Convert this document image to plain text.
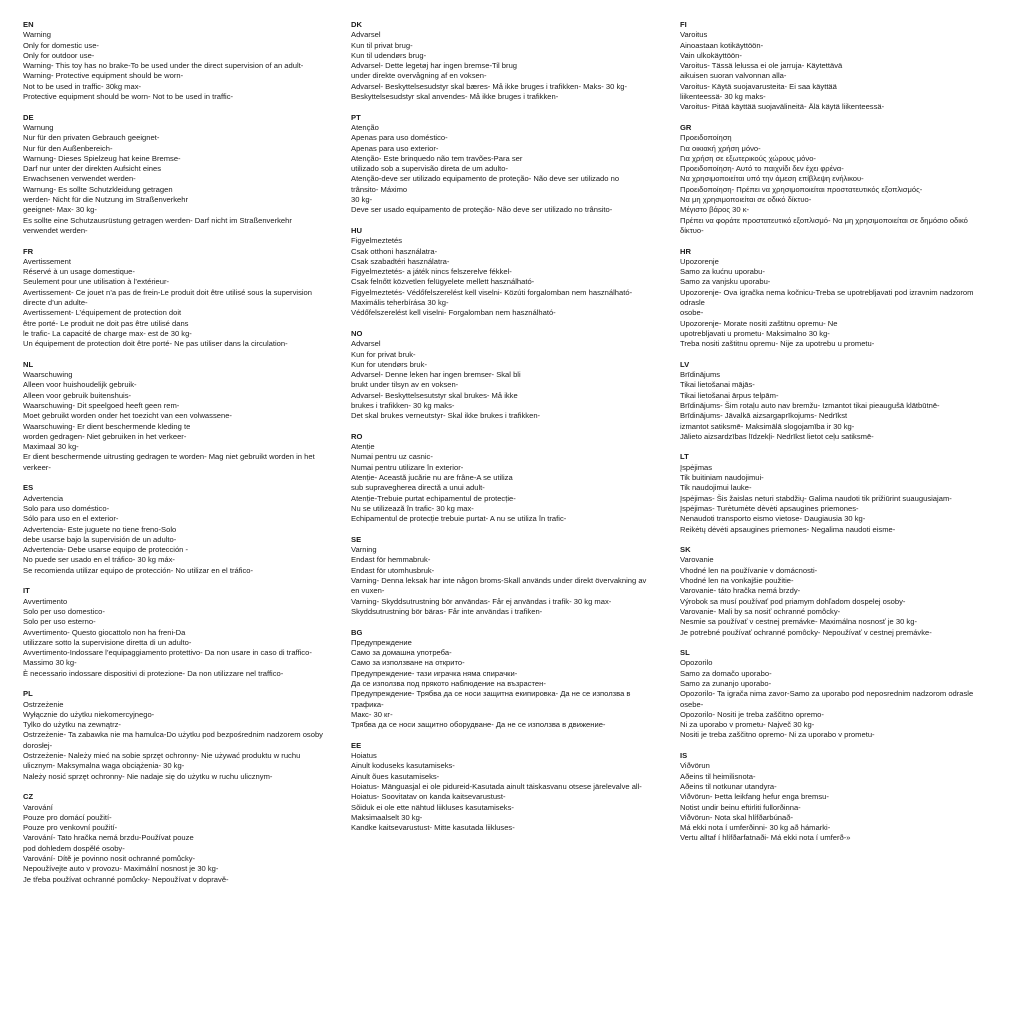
EN
Warning
Only for domestic use-
Only for outdoor use-
Warning- This toy has no brake-To be used under the direct supervision of an adult-
Warning- Protective equipment should be worn-
Not to be used in traffic- 30kg max-
Protective equipment should be worn- Not to be used in traffic-
DE
Warnung
Nur für den privaten Gebrauch geeignet-
Nur für den Außenbereich-
Warnung- Dieses Spielzeug hat keine Bremse-
Darf nur unter der direkten Aufsicht eines
Erwachsenen verwendet werden-
Warnung- Es sollte Schutzkleidung getragen
werden- Nicht für die Nutzung im Straßenverkehr
geeignet- Max- 30 kg-
Es sollte eine Schutzausrüstung getragen werden- Darf nicht im Straßenverkehr
verwendet werden-
FR
Avertissement
Réservé à un usage domestique-
Seulement pour une utilisation à l’extérieur-
Avertissement- Ce jouet n’a pas de frein-Le produit doit être utilisé sous la supervision
directe d’un adulte-
Avertissement- L’équipement de protection doit
être porté- Le produit ne doit pas être utilisé dans
le trafic- La capacité de charge max- est de 30 kg-
Un équipement de protection doit être porté- Ne pas utiliser dans la circulation-
NL
Waarschuwing
Alleen voor huishoudelijk gebruik-
Alleen voor gebruik buitenshuis-
Waarschuwing- Dit speelgoed heeft geen rem-
Moet gebruikt worden onder het toezicht van een volwassene-
Waarschuwing- Er dient beschermende kleding te
worden gedragen- Niet gebruiken in het verkeer-
Maximaal 30 kg-
Er dient beschermende uitrusting gedragen te worden- Mag niet gebruikt worden in het
verkeer-
ES
Advertencia
Solo para uso doméstico-
Sólo para uso en el exterior-
Advertencia- Este juguete no tiene freno-Solo
debe usarse bajo la supervisión de un adulto-
Advertencia- Debe usarse equipo de protección -
No puede ser usado en el tráfico- 30 kg máx-
Se recomienda utilizar equipo de protección- No utilizar en el tráfico-
IT
Avvertimento
Solo per uso domestico-
Solo per uso esterno-
Avvertimento- Questo giocattolo non ha freni-Da
utilizzare sotto la supervisione diretta di un adulto-
Avvertimento-Indossare l’equipaggiamento protettivo- Da non usare in caso di traffico-
Massimo 30 kg-
È necessario indossare dispositivi di protezione- Da non utilizzare nel traffico-
PL
Ostrzeżenie
Wyłącznie do użytku niekomercyjnego-
Tylko do użytku na zewnątrz-
Ostrzeżenie- Ta zabawka nie ma hamulca-Do użytku pod bezpośrednim nadzorem osoby
dorosłej-
Ostrzeżenie- Należy mieć na sobie sprzęt ochronny- Nie używać produktu w ruchu
ulicznym- Maksymalna waga obciążenia- 30 kg-
Należy nosić sprzęt ochronny- Nie nadaje się do użytku w ruchu ulicznym-
CZ
Varování
Pouze pro domácí použití-
Pouze pro venkovní použití-
Varování- Tato hračka nemá brzdu-Používat pouze
pod dohledem dospělé osoby-
Varování- Dítě je povinno nosit ochranné pomůcky-
Nepoužívejte auto v provozu- Maximální nosnost je 30 kg-
Je třeba používat ochranné pomůcky- Nepoužívat v dopravě-
DK
Advarsel
Kun til privat brug-
Kun til udendørs brug-
Advarsel- Dette legetøj har ingen bremse-Til brug
under direkte overvågning af en voksen-
Advarsel- Beskyttelsesudstyr skal bæres- Må ikke bruges i trafikken- Maks- 30 kg-
Beskyttelsesudstyr skal anvendes- Må ikke bruges i trafikken-
PT
Atenção
Apenas para uso doméstico-
Apenas para uso exterior-
Atenção- Este brinquedo não tem travões-Para ser
utilizado sob a supervisão direta de um adulto-
Atenção-deve ser utilizado equipamento de proteção- Não deve ser utilizado no
trânsito- Máximo
30 kg-
Deve ser usado equipamento de proteção- Não deve ser utilizado no trânsito-
HU
Figyelmeztetés
Csak otthoni használatra-
Csak szabadtéri használatra-
Figyelmeztetés- a játék nincs felszerelve fékkel-
Csak felnőtt közvetlen felügyelete mellett használható-
Figyelmeztetés- Védőfelszerelést kell viselni- Közúti forgalomban nem használható-
Maximális teherbírása 30 kg-
Védőfelszerelést kell viselni- Forgalomban nem használható-
NO
Advarsel
Kun for privat bruk-
Kun for utendørs bruk-
Advarsel- Denne leken har ingen bremser- Skal bli
brukt under tilsyn av en voksen-
Advarsel- Beskyttelsesutstyr skal brukes- Må ikke
brukes i trafikken- 30 kg maks-
Det skal brukes verneutstyr- Skal ikke brukes i trafikken-
RO
Atenție
Numai pentru uz casnic-
Numai pentru utilizare în exterior-
Atenție- Această jucărie nu are frâne-A se utiliza
sub supravegherea directă a unui adult-
Atenție-Trebuie purtat echipamentul de protecție-
Nu se utilizează în trafic- 30 kg max-
Echipamentul de protecție trebuie purtat- A nu se utiliza în trafic-
SE
Varning
Endast för hemmabruk-
Endast för utomhusbruk-
Varning- Denna leksak har inte någon broms-Skall används under direkt övervakning av
en vuxen-
Varning- Skyddsutrustning bör användas- Får ej användas i trafik- 30 kg max-
Skyddsutrustning bör bäras- Får inte användas i trafiken-
BG
Предупреждение
Само за домашна употреба-
Само за използване на открито-
Предупреждение- тази играчка няма спирачки-
Да се използва под прякото наблюдение на възрастен-
Предупреждение- Трябва да се носи защитна екипировка- Да не се използва в
трафика-
Макс- 30 кг-
Трябва да се носи защитно оборудване- Да не се използва в движение-
EE
Hoiatus
Ainult koduseks kasutamiseks-
Ainult õues kasutamiseks-
Hoiatus- Mänguasjal ei ole pidureid-Kasutada ainult täiskasvanu otsese järelevalve all-
Hoiatus- Soovitatav on kanda kaitsevarustust-
Sõiduk ei ole ette nähtud liikluses kasutamiseks-
Maksimaalselt 30 kg-
Kandke kaitsevarustust- Mitte kasutada liikluses-
FI
Varoitus
Ainoastaan kotikäyttöön-
Vain ulkokäyttöön-
Varoitus- Tässä lelussa ei ole jarruja- Käytettävä
aikuisen suoran valvonnan alla-
Varoitus- Käytä suojavarusteita- Ei saa käyttää
liikenteessä- 30 kg maks-
Varoitus- Pitää käyttää suojavälineitä- Älä käytä liikenteessä-
GR
Προειδοποίηση
Για οικιακή χρήση μόνο-
Για χρήση σε εξωτερικούς χώρους μόνο-
Προειδοποίηση- Αυτό το παιχνίδι δεν έχει φρένα-
Να χρησιμοποιείται υπό την άμεση επίβλεψη ενήλικου-
Προειδοποίηση- Πρέπει να χρησιμοποιείται προστατευτικός εξοπλισμός-
Να μη χρησιμοποιείται σε οδικό δίκτυο-
Μέγιστο βάρος 30 κ-
Πρέπει να φοράτε προστατευτικό εξοπλισμό- Να μη χρησιμοποιείται σε δημόσιο οδικό
δίκτυο-
HR
Upozorenje
Samo za kućnu uporabu-
Samo za vanjsku uporabu-
Upozorenje- Ova igračka nema kočnicu-Treba se upotrebljavati pod izravnim nadzorom
odrasle
osobe-
Upozorenje- Morate nositi zaštitnu opremu- Ne
upotrebljavati u prometu- Maksimalno 30 kg-
Treba nositi zaštitnu opremu- Nije za upotrebu u prometu-
LV
Brīdinājums
Tikai lietošanai mājās-
Tikai lietošanai ārpus telpām-
Brīdinājums- Šim rotaļu auto nav bremžu- Izmantot tikai pieaugušā klātbūtnē-
Brīdinājums- Jāvalkā aizsargaprīkojums- Nedrīkst
izmantot satiksmē- Maksimālā slogojamība ir 30 kg-
Jālieto aizsardzības līdzekļi- Nedrīkst lietot ceļu satiksmē-
LT
Įspėjimas
Tik buitiniam naudojimui-
Tik naudojimui lauke-
Įspėjimas- Šis žaislas neturi stabdžių- Galima naudoti tik prižiūrint suaugusiajam-
Įspėjimas- Turėtumėte dėvėti apsaugines priemones-
Nenaudoti transporto eismo vietose- Daugiausia 30 kg-
Reikėtų dėvėti apsaugines priemones- Negalima naudoti eisme-
SK
Varovanie
Vhodné len na používanie v domácnosti-
Vhodné len na vonkajšie použitie-
Varovanie- táto hračka nemá brzdy-
Výrobok sa musí používať pod priamym dohľadom dospelej osoby-
Varovanie- Mali by sa nosiť ochranné pomôcky-
Nesmie sa používať v cestnej premávke- Maximálna nosnosť je 30 kg-
Je potrebné používať ochranné pomôcky- Nepoužívať v cestnej premávke-
SL
Opozorilo
Samo za domačo uporabo-
Samo za zunanjo uporabo-
Opozorilo- Ta igrača nima zavor-Samo za uporabo pod neposrednim nadzorom odrasle
osebe-
Opozorilo- Nositi je treba zaščitno opremo-
Ni za uporabo v prometu- Največ 30 kg-
Nositi je treba zaščitno opremo- Ni za uporabo v prometu-
IS
Viðvörun
Aðeins til heimilisnota-
Aðeins til notkunar utandyra-
Viðvörun- Þetta leikfang hefur enga bremsu-
Notist undir beinu eftirliti fullorðinna-
Viðvörun- Nota skal hlífðarbúnað-
Má ekki nota í umferðinni- 30 kg að hámarki-
Vertu alltaf í hlífðarfatnaði- Má ekki nota í umferð-»
